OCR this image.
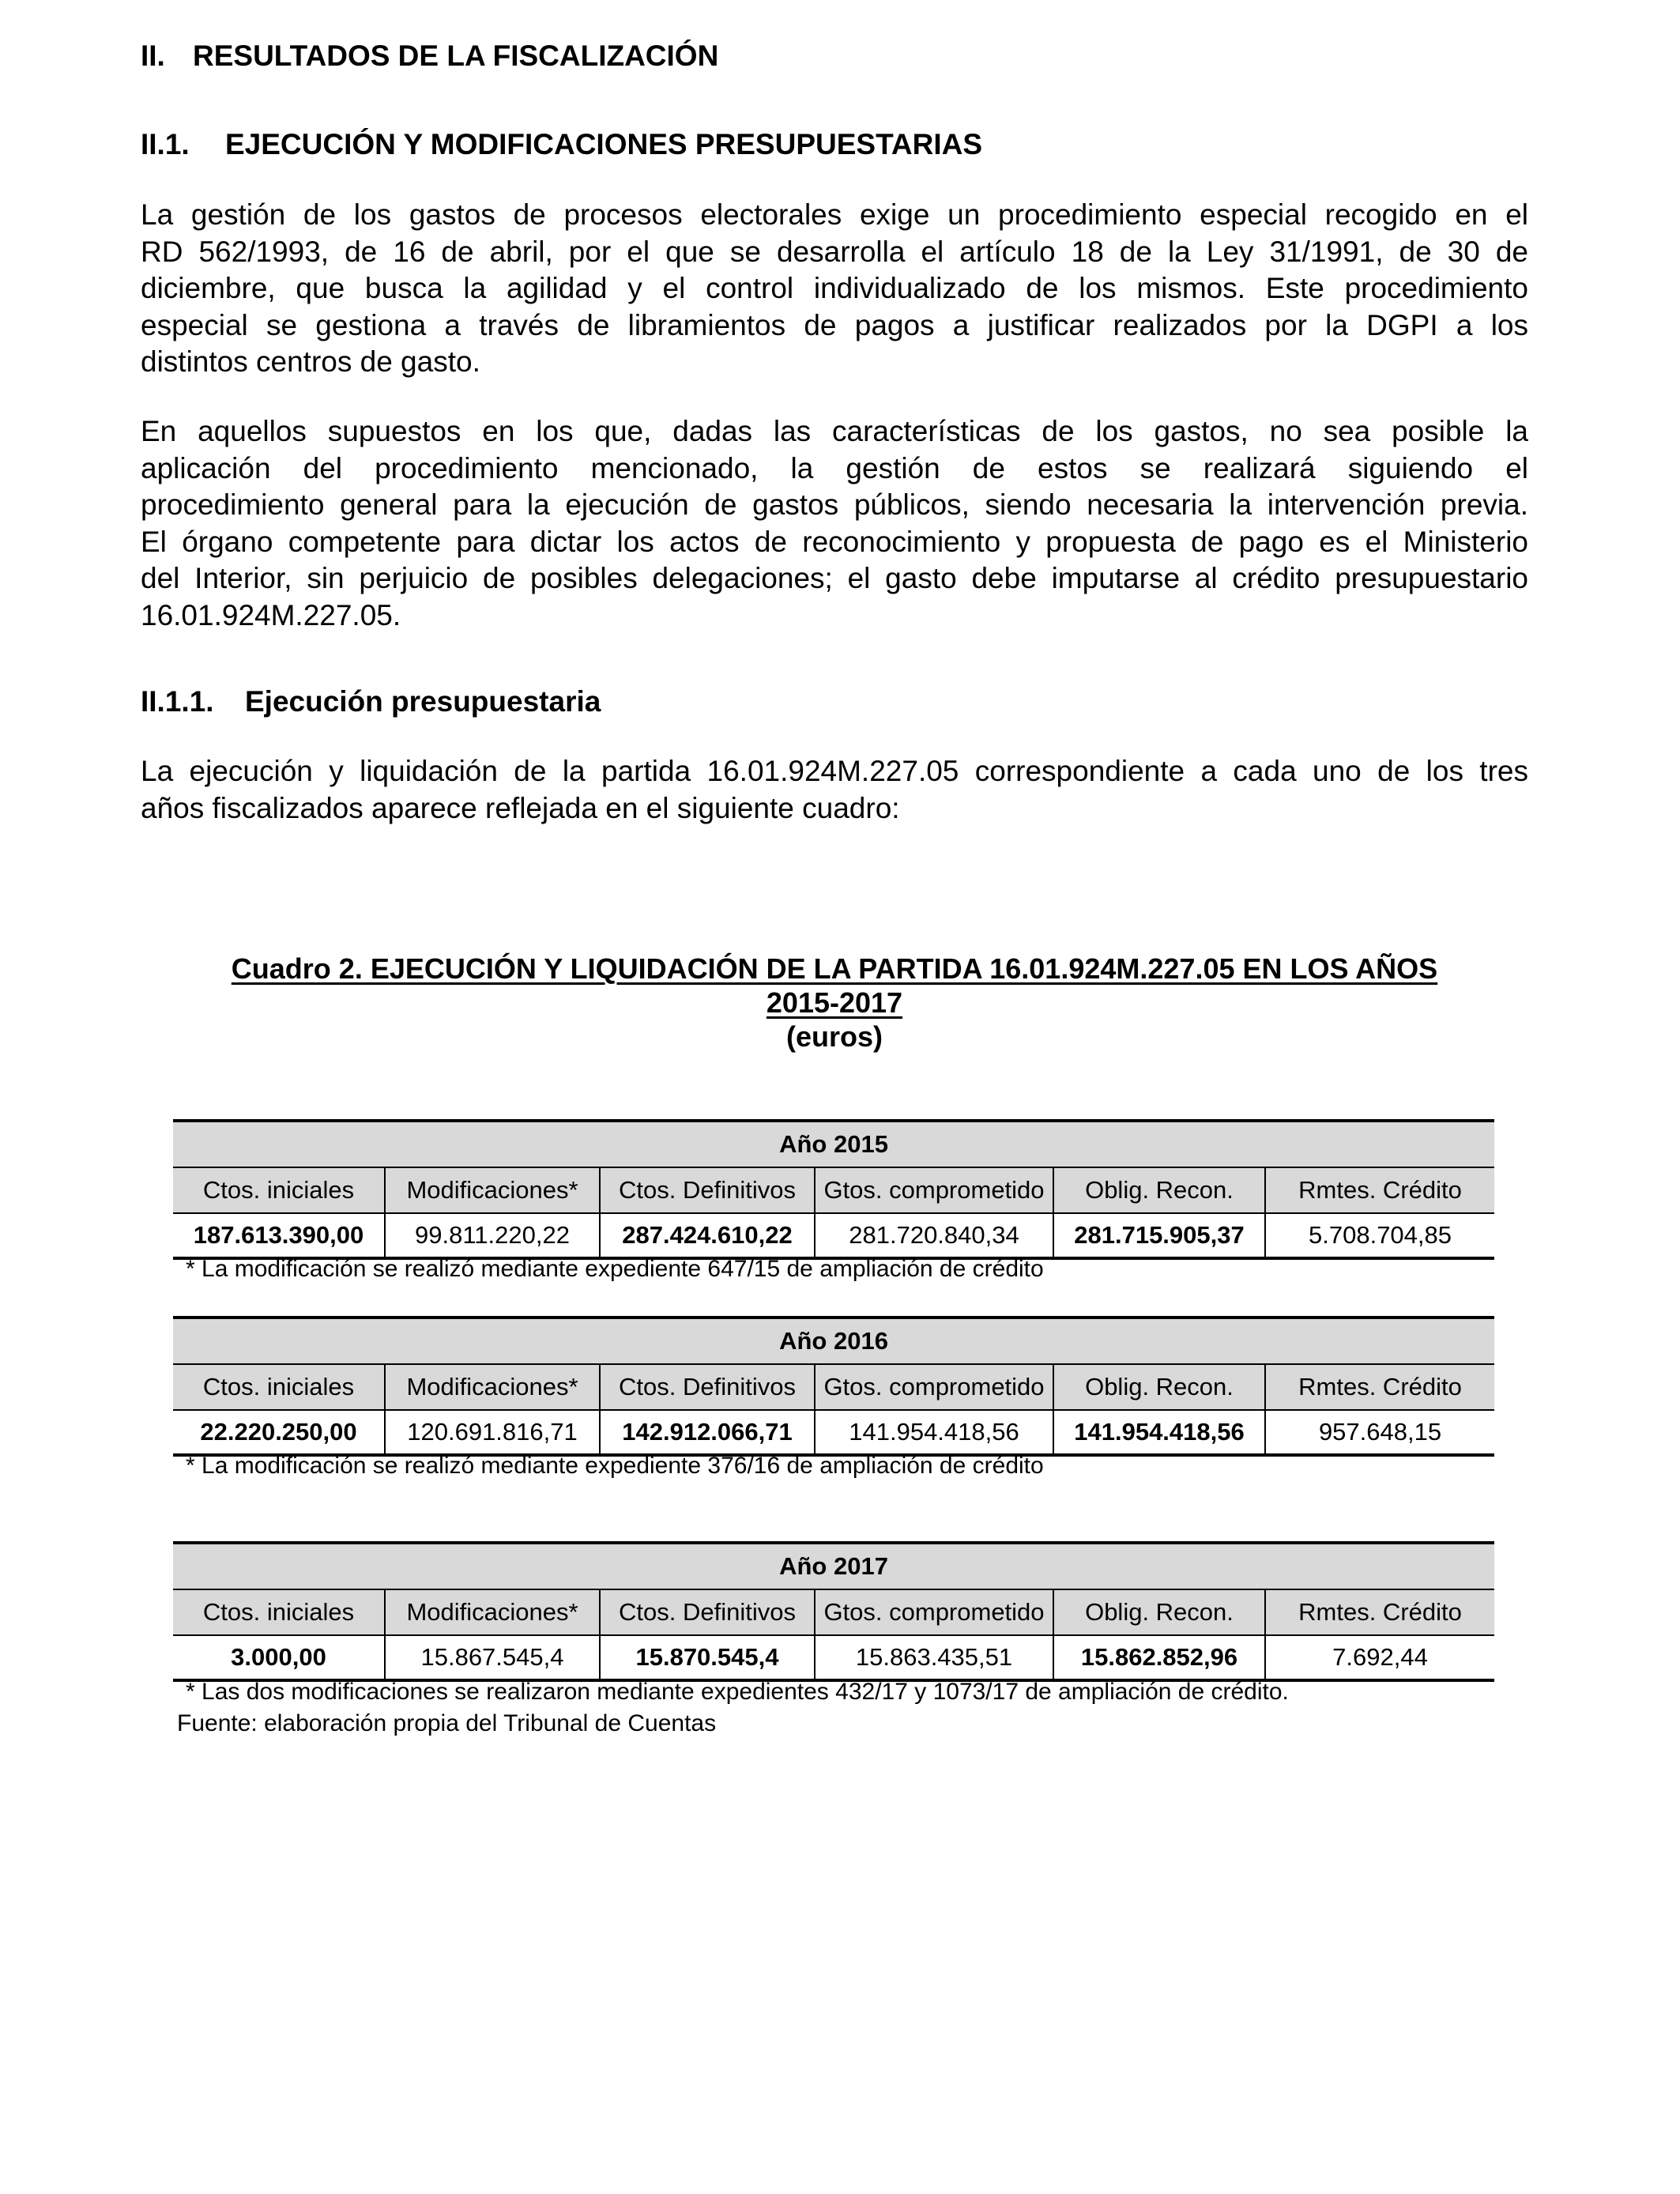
II. RESULTADOS DE LA FISCALIZACIÓN
II.1. EJECUCIÓN Y MODIFICACIONES PRESUPUESTARIAS

La gestión de los gastos de procesos electorales exige un procedimiento especial recogido en el
RD 562/1993, de 16 de abril, por el que se desarrolla el artículo 18 de la Ley 31/1991, de 30 de
diciembre, que busca la agilidad y el control individualizado de los mismos. Este procedimiento
especial se gestiona a través de libramientos de pagos a justificar realizados por la DGPI a los
distintos centros de gasto.

En aquellos supuestos en los que, dadas las características de los gastos, no sea posible la
aplicación del procedimiento mencionado, la gestión de estos se realizará siguiendo el
procedimiento general para la ejecución de gastos públicos, siendo necesaria la intervención previa.
El órgano competente para dictar los actos de reconocimiento y propuesta de pago es el Ministerio
del Interior, sin perjuicio de posibles delegaciones; el gasto debe imputarse al crédito presupuestario
16.01.924M.227.05.

II.1.1. Ejecución presupuestaria

La ejecución y liquidación de la partida 16.01.924M.227.05 correspondiente a cada uno de los tres
años fiscalizados aparece reflejada en el siguiente cuadro:

Cuadro 2. EJECUCIÓN Y LIQUIDACIÓN DE LA PARTIDA 16.01.924M.227.05 EN LOS AÑOS
2015-2017
(euros)
Año 2015					
Ctos. iniciales	Modificaciones*	Ctos. Definitivos	Gtos. comprometido	Oblig. Recon.	Rmtes. Crédito
187.613.390,00	99.811.220,22	287.424.610,22	281.720.840,34	281.715.905,37	5.708.704,85

* La modificación se realizó mediante expediente 647/15 de ampliación de crédito

Año 2016					
Ctos. iniciales	Modificaciones*	Ctos. Definitivos	Gtos. comprometido	Oblig. Recon.	Rmtes. Crédito
22.220.250,00	120.691.816,71	142.912.066,71	141.954.418,56	141.954.418,56	957.648,15

* La modificación se realizó mediante expediente 376/16 de ampliación de crédito

Año 2017					
Ctos. iniciales	Modificaciones*	Ctos. Definitivos	Gtos. comprometido	Oblig. Recon.	Rmtes. Crédito
3.000,00	15.867.545,4	15.870.545,4	15.863.435,51	15.862.852,96	7.692,44

* Las dos modificaciones se realizaron mediante expedientes 432/17 y 1073/17 de ampliación de crédito.

Fuente: elaboración propia del Tribunal de Cuentas
